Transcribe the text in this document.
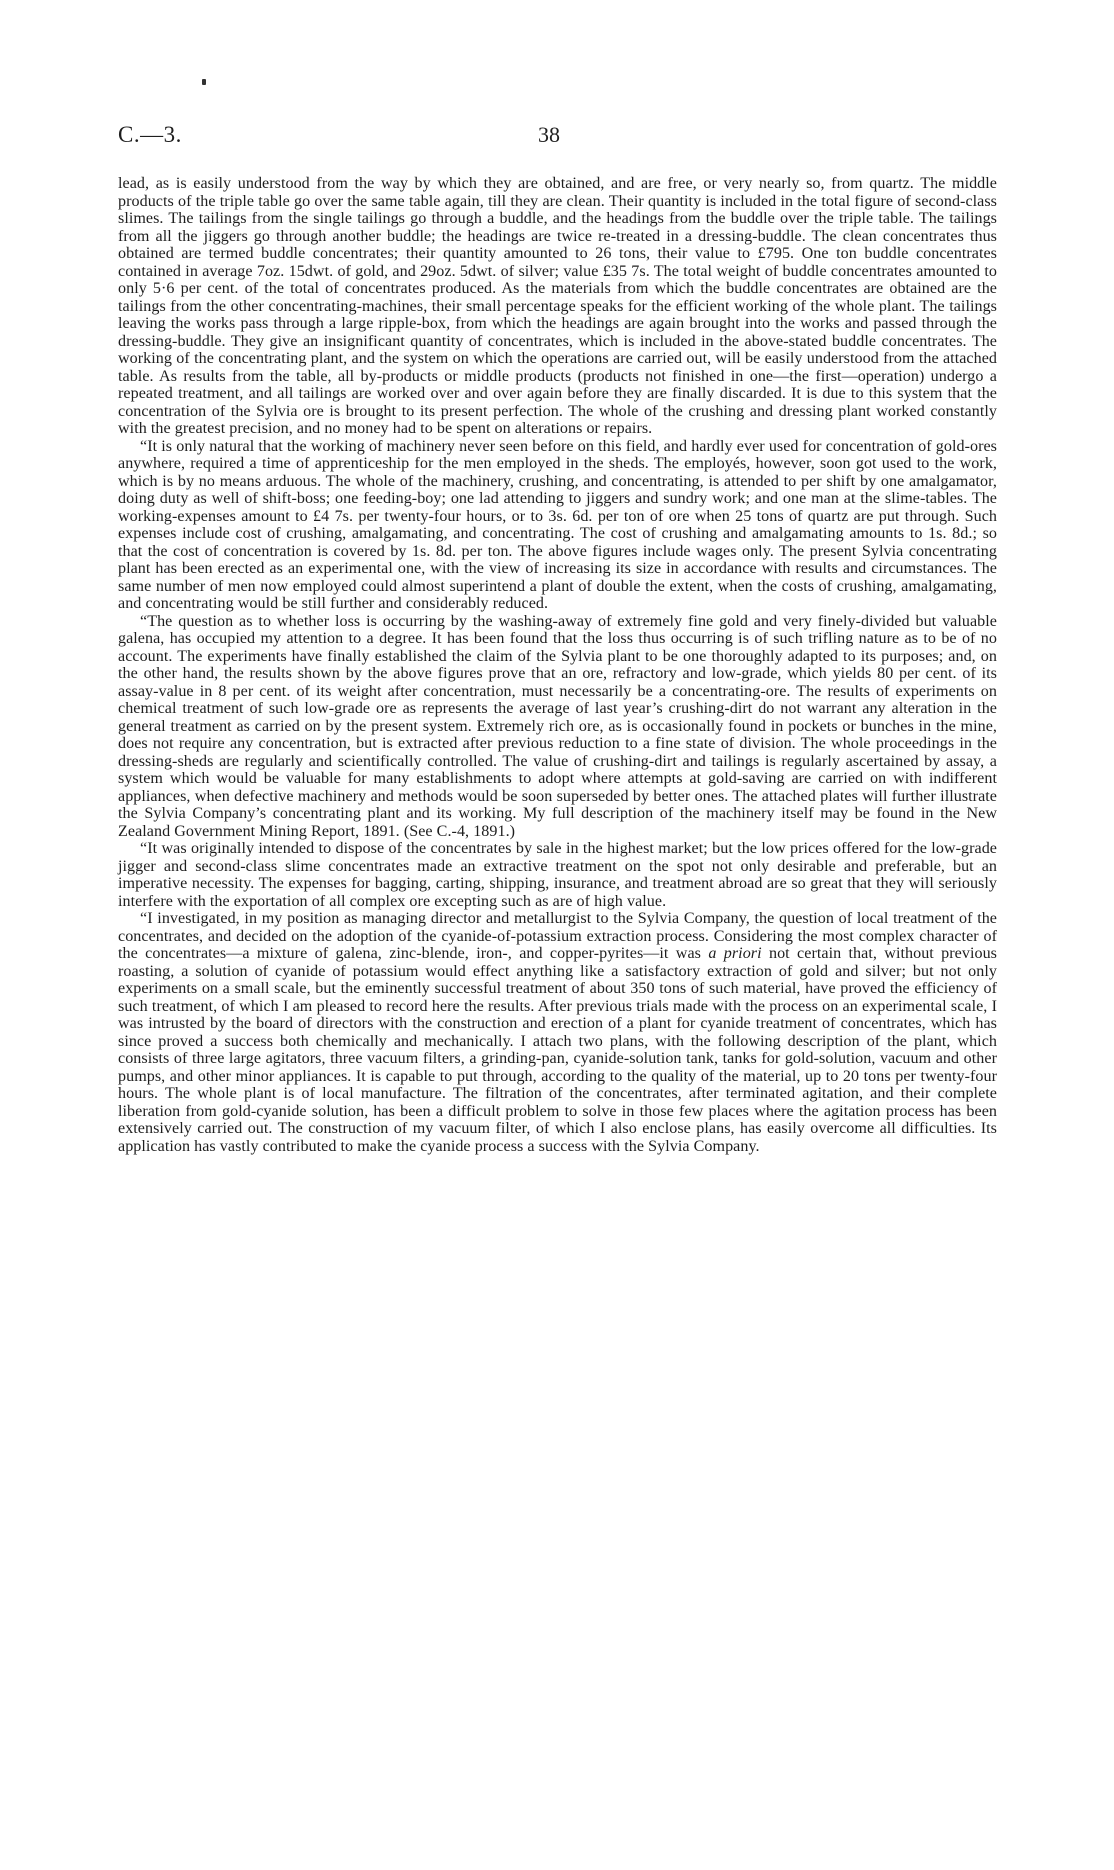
C.—3.	38

lead, as is easily understood from the way by which they are obtained, and are free, or very nearly so, from quartz. The middle products of the triple table go over the same table again, till they are clean. Their quantity is included in the total figure of second-class slimes. The tailings from the single tailings go through a buddle, and the headings from the buddle over the triple table. The tailings from all the jiggers go through another buddle; the headings are twice re-treated in a dressing-buddle. The clean concentrates thus obtained are termed buddle concentrates; their quantity amounted to 26 tons, their value to £795. One ton buddle concentrates contained in average 7oz. 15dwt. of gold, and 29oz. 5dwt. of silver; value £35 7s. The total weight of buddle concentrates amounted to only 5·6 per cent. of the total of concentrates produced. As the materials from which the buddle concentrates are obtained are the tailings from the other concentrating-machines, their small percentage speaks for the efficient working of the whole plant. The tailings leaving the works pass through a large ripple-box, from which the headings are again brought into the works and passed through the dressing-buddle. They give an insignificant quantity of concentrates, which is included in the above-stated buddle concentrates. The working of the concentrating plant, and the system on which the operations are carried out, will be easily understood from the attached table. As results from the table, all by-products or middle products (products not finished in one—the first—operation) undergo a repeated treatment, and all tailings are worked over and over again before they are finally discarded. It is due to this system that the concentration of the Sylvia ore is brought to its present perfection. The whole of the crushing and dressing plant worked constantly with the greatest precision, and no money had to be spent on alterations or repairs.

“It is only natural that the working of machinery never seen before on this field, and hardly ever used for concentration of gold-ores anywhere, required a time of apprenticeship for the men employed in the sheds. The employés, however, soon got used to the work, which is by no means arduous. The whole of the machinery, crushing, and concentrating, is attended to per shift by one amalgamator, doing duty as well of shift-boss; one feeding-boy; one lad attending to jiggers and sundry work; and one man at the slime-tables. The working-expenses amount to £4 7s. per twenty-four hours, or to 3s. 6d. per ton of ore when 25 tons of quartz are put through. Such expenses include cost of crushing, amalgamating, and concentrating. The cost of crushing and amalgamating amounts to 1s. 8d.; so that the cost of concentration is covered by 1s. 8d. per ton. The above figures include wages only. The present Sylvia concentrating plant has been erected as an experimental one, with the view of increasing its size in accordance with results and circumstances. The same number of men now employed could almost superintend a plant of double the extent, when the costs of crushing, amalgamating, and concentrating would be still further and considerably reduced.

“The question as to whether loss is occurring by the washing-away of extremely fine gold and very finely-divided but valuable galena, has occupied my attention to a degree. It has been found that the loss thus occurring is of such trifling nature as to be of no account. The experiments have finally established the claim of the Sylvia plant to be one thoroughly adapted to its purposes; and, on the other hand, the results shown by the above figures prove that an ore, refractory and low-grade, which yields 80 per cent. of its assay-value in 8 per cent. of its weight after concentration, must necessarily be a concentrating-ore. The results of experiments on chemical treatment of such low-grade ore as represents the average of last year’s crushing-dirt do not warrant any alteration in the general treatment as carried on by the present system. Extremely rich ore, as is occasionally found in pockets or bunches in the mine, does not require any concentration, but is extracted after previous reduction to a fine state of division. The whole proceedings in the dressing-sheds are regularly and scientifically controlled. The value of crushing-dirt and tailings is regularly ascertained by assay, a system which would be valuable for many establishments to adopt where attempts at gold-saving are carried on with indifferent appliances, when defective machinery and methods would be soon superseded by better ones. The attached plates will further illustrate the Sylvia Company’s concentrating plant and its working. My full description of the machinery itself may be found in the New Zealand Government Mining Report, 1891. (See C.-4, 1891.)

“It was originally intended to dispose of the concentrates by sale in the highest market; but the low prices offered for the low-grade jigger and second-class slime concentrates made an extractive treatment on the spot not only desirable and preferable, but an imperative necessity. The expenses for bagging, carting, shipping, insurance, and treatment abroad are so great that they will seriously interfere with the exportation of all complex ore excepting such as are of high value.

“I investigated, in my position as managing director and metallurgist to the Sylvia Company, the question of local treatment of the concentrates, and decided on the adoption of the cyanide-of-potassium extraction process. Considering the most complex character of the concentrates—a mixture of galena, zinc-blende, iron-, and copper-pyrites—it was a priori not certain that, without previous roasting, a solution of cyanide of potassium would effect anything like a satisfactory extraction of gold and silver; but not only experiments on a small scale, but the eminently successful treatment of about 350 tons of such material, have proved the efficiency of such treatment, of which I am pleased to record here the results. After previous trials made with the process on an experimental scale, I was intrusted by the board of directors with the construction and erection of a plant for cyanide treatment of concentrates, which has since proved a success both chemically and mechanically. I attach two plans, with the following description of the plant, which consists of three large agitators, three vacuum filters, a grinding-pan, cyanide-solution tank, tanks for gold-solution, vacuum and other pumps, and other minor appliances. It is capable to put through, according to the quality of the material, up to 20 tons per twenty-four hours. The whole plant is of local manufacture. The filtration of the concentrates, after terminated agitation, and their complete liberation from gold-cyanide solution, has been a difficult problem to solve in those few places where the agitation process has been extensively carried out. The construction of my vacuum filter, of which I also enclose plans, has easily overcome all difficulties. Its application has vastly contributed to make the cyanide process a success with the Sylvia Company.
